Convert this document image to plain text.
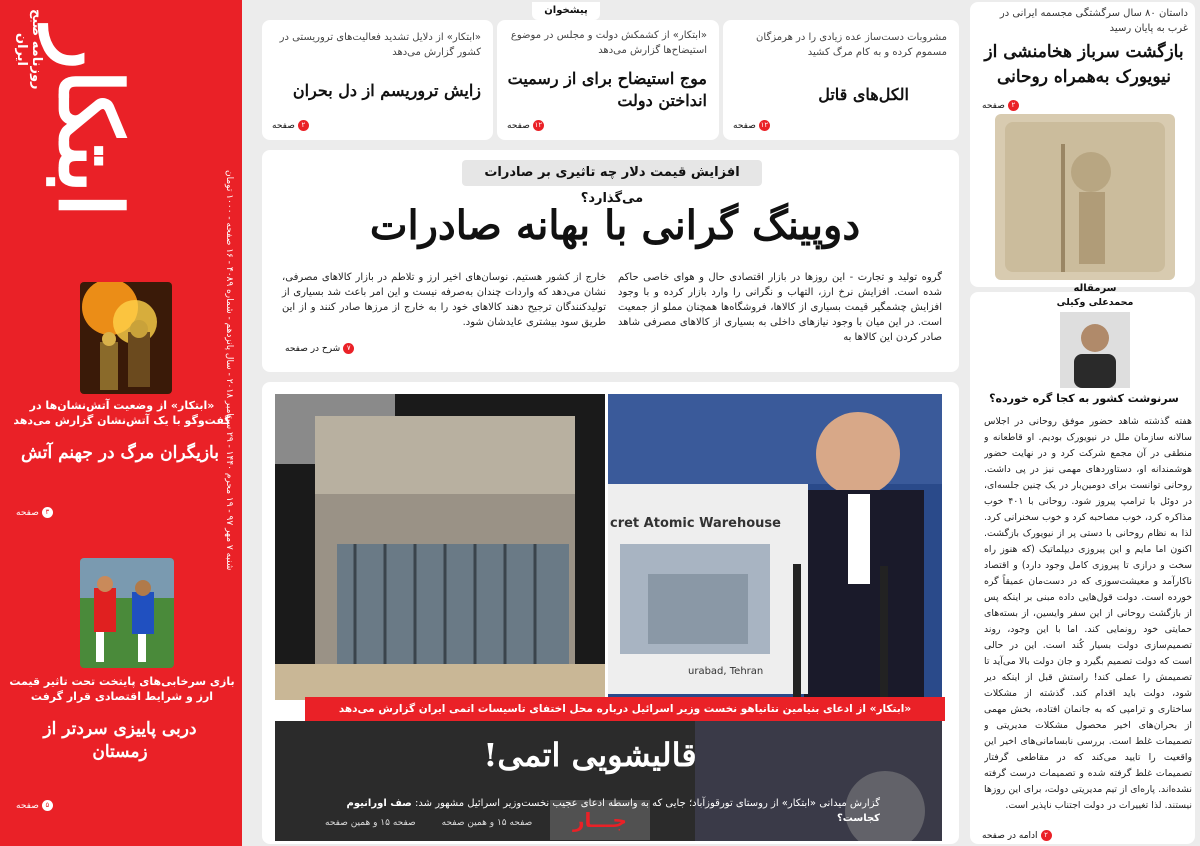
روزنامه صبح ایران ابتکار	شنبه ۷ مهر ۹۷ - ۱۹ محرم ۱۴۴۰ - ۲۹ سپتامبر ۲۰۱۸ - سال پانزدهم - شماره ۴۰۸۹ - ۱۶ صفحه - ۱۰۰۰ تومان
«ابتکار» از وضعیت آتش‌نشان‌ها در گفت‌وگو با یک آتش‌نشان گزارش می‌دهد
بازیگران مرگ در جهنم آتش
۳
صفحه
بازی سرخابی‌های پایتخت تحت تاثیر قیمت ارز و شرایط اقتصادی قرار گرفت
دربی پاییزی سردتر از زمستان
۵
صفحه
پیشخوان
«ابتکار» از دلایل تشدید فعالیت‌های تروریستی در کشور گزارش می‌دهد
زایش تروریسم از دل بحران
۲
صفحه
«ابتکار» از کشمکش دولت و مجلس در موضوع استیضاح‌ها گزارش می‌دهد
موج استیضاح برای از رسمیت انداختن دولت
۱۲
صفحه
مشروبات دست‌ساز عده زیادی را در هرمزگان مسموم کرده و به کام مرگ کشید
الکل‌های قاتل
۱۲
صفحه
افزایش قیمت دلار چه تاثیری بر صادرات می‌گذارد؟
دوپینگ گرانی با بهانه صادرات
گروه تولید و تجارت - این روزها در بازار اقتصادی حال و هوای خاصی حاکم شده است. افزایش نرخ ارز، التهاب و نگرانی را وارد بازار کرده و با وجود افزایش چشمگیر قیمت بسیاری از کالاها، فروشگاه‌ها همچنان مملو از جمعیت است. در این میان با وجود نیازهای داخلی به بسیاری از کالاهای مصرفی شاهد صادر کردن این کالاها به
خارج از کشور هستیم. نوسان‌های اخیر ارز و تلاطم در بازار کالاهای مصرفی، نشان می‌دهد که واردات چندان به‌صرفه نیست و این امر باعث شد بسیاری از تولیدکنندگان ترجیح دهند کالاهای خود را به خارج از مرزها صادر کنند و از این طریق سود بیشتری عایدشان شود.
۷
شرح در صفحه
cret Atomic Warehouse
urabad, Tehran
«ابتکار» از ادعای بنیامین نتانیاهو نخست وزیر اسرائیل درباره محل اختفای تاسیسات اتمی ایران گزارش می‌دهد
قالیشویی اتمی!
گزارش میدانی «ابتکار» از روستای تورقوزآباد؛ جایی که به واسطه ادعای عجیب نخست‌وزیر اسرائیل مشهور شد: صف اورانیوم کجاست؟
صفحه ۱۵ و همین صفحه
صفحه ۱۵ و همین صفحه	جـــار
داستان ۸۰ سال سرگشتگی مجسمه ایرانی در غرب به پایان رسید
بازگشت سرباز هخامنشی از نیویورک به‌همراه روحانی
۲
صفحه
سرمقاله
محمدعلی وکیلی
سرنوشت کشور به کجا گره خورده؟
هفته گذشته شاهد حضور موفق روحانی در اجلاس سالانه سازمان ملل در نیویورک بودیم. او قاطعانه و منطقی در آن مجمع شرکت کرد و در نهایت حضور هوشمندانه او، دستاوردهای مهمی نیز در پی داشت. روحانی توانست برای دومین‌بار در یک چنین جلسه‌ای، در دوئل با ترامپ پیروز شود. روحانی با ۴۰۱ خوب مذاکره کرد، خوب مصاحبه کرد و خوب سخنرانی کرد. لذا به نظام روحانی با دستی پر از نیویورک بازگشت. اکنون اما مایم و این پیروزی دیپلماتیک (که هنوز راه سخت و درازی تا پیروزی کامل وجود دارد) و اقتصاد ناکارآمد و معیشت‌سوزی که در دست‌مان عمیقاً گره خورده است. دولت قول‌هایی داده مبنی بر اینکه پس از بازگشت روحانی از این سفر وایسین، از بسته‌های حمایتی خود رونمایی کند. اما با این وجود، روند تصمیم‌سازی دولت بسیار کُند است. این در حالی است که دولت تصمیم بگیرد و جان دولت بالا می‌آید تا تصمیمش را عملی کند! راستش قبل از اینکه دیر شود، دولت باید اقدام کند. گذشته از مشکلات ساختاری و ترامپی که به جانمان افتاده، بخش مهمی از بحران‌های اخیر محصول مشکلات مدیریتی و تصمیمات غلط است. بررسی نابسامانی‌های اخیر این واقعیت را تایید می‌کند که در مقاطعی گرفتار تصمیمات غلط گرفته شده و تصمیمات درست گرفته نشده‌اند. پاره‌ای از تیم مدیریتی دولت، برای این روزها نیستند. لذا تغییرات در دولت اجتناب ناپذیر است.
۲
ادامه در صفحه
